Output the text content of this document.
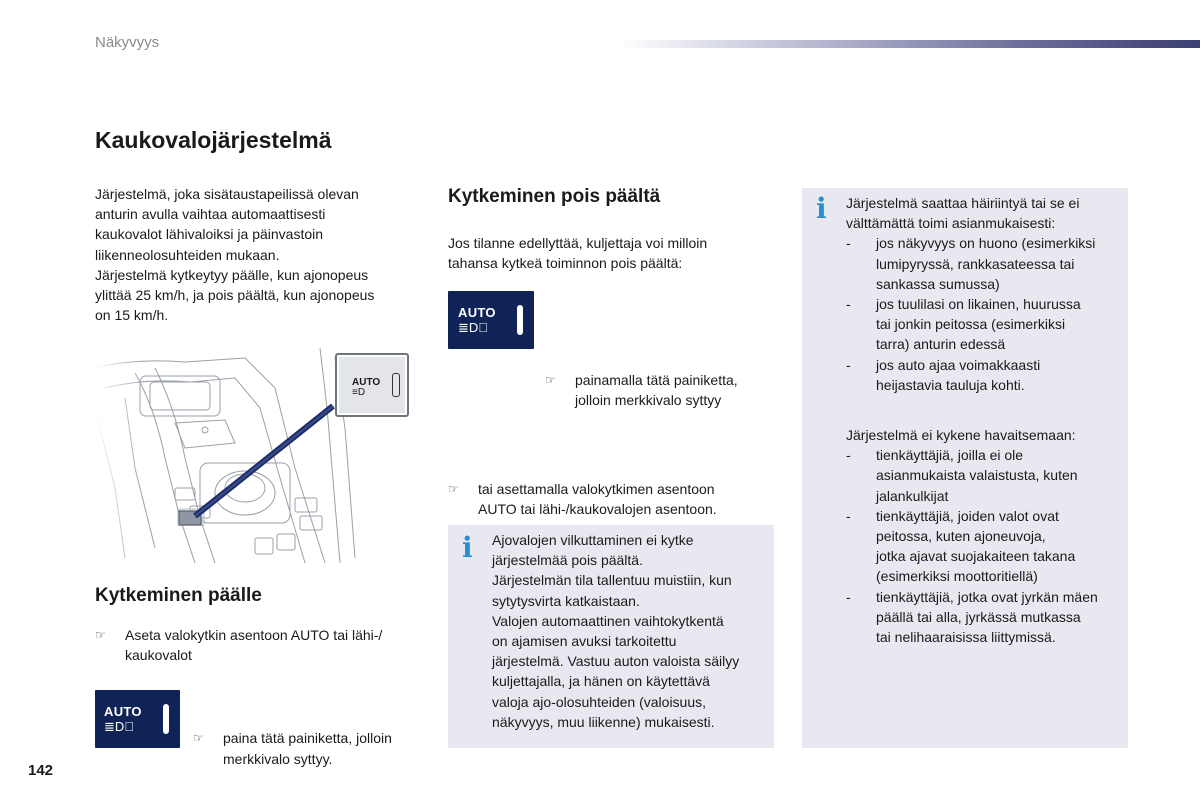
Näkyvyys
Kaukovalojärjestelmä

Järjestelmä, joka sisätaustapeilissä olevan

anturin avulla vaihtaa automaattisesti

kaukovalot lähivaloiksi ja päinvastoin

liikenneolosuhteiden mukaan.

Järjestelmä kytkeytyy päälle, kun ajonopeus

ylittää 25 km/h, ja pois päältä, kun ajonopeus

on 15 km/h.

AUTO
≡D
Kytkeminen päälle
☞ Aseta valokytkin asentoon AUTO tai lähi-/

kaukovalot

AUTO
≣D⃕
☞ paina tätä painiketta, jolloin

merkkivalo syttyy.

Kytkeminen pois päältä

Jos tilanne edellyttää, kuljettaja voi milloin

tahansa kytkeä toiminnon pois päältä:

AUTO
≣D⃕
☞ painamalla tätä painiketta,

jolloin merkkivalo syttyy

☞ tai asettamalla valokytkimen asentoon

AUTO tai lähi-/kaukovalojen asentoon.

i Ajovalojen vilkuttaminen ei kytke

järjestelmää pois päältä.

Järjestelmän tila tallentuu muistiin, kun

sytytysvirta katkaistaan.

Valojen automaattinen vaihtokytkentä

on ajamisen avuksi tarkoitettu

järjestelmä. Vastuu auton valoista säilyy

kuljettajalla, ja hänen on käytettävä

valoja ajo-olosuhteiden (valoisuus,

näkyvyys, muu liikenne) mukaisesti.

i Järjestelmä saattaa häiriintyä tai se ei

välttämättä toimi asianmukaisesti:

- jos näkyvyys on huono (esimerkiksi

lumipyryssä, rankkasateessa tai

sankassa sumussa)

- jos tuulilasi on likainen, huurussa

tai jonkin peitossa (esimerkiksi

tarra) anturin edessä

- jos auto ajaa voimakkaasti

heijastavia tauluja kohti.

Järjestelmä ei kykene havaitsemaan:

- tienkäyttäjiä, joilla ei ole

asianmukaista valaistusta, kuten

jalankulkijat

- tienkäyttäjiä, joiden valot ovat

peitossa, kuten ajoneuvoja,

jotka ajavat suojakaiteen takana

(esimerkiksi moottoritiellä)

- tienkäyttäjiä, jotka ovat jyrkän mäen

päällä tai alla, jyrkässä mutkassa

tai nelihaaraisissa liittymissä.

142
